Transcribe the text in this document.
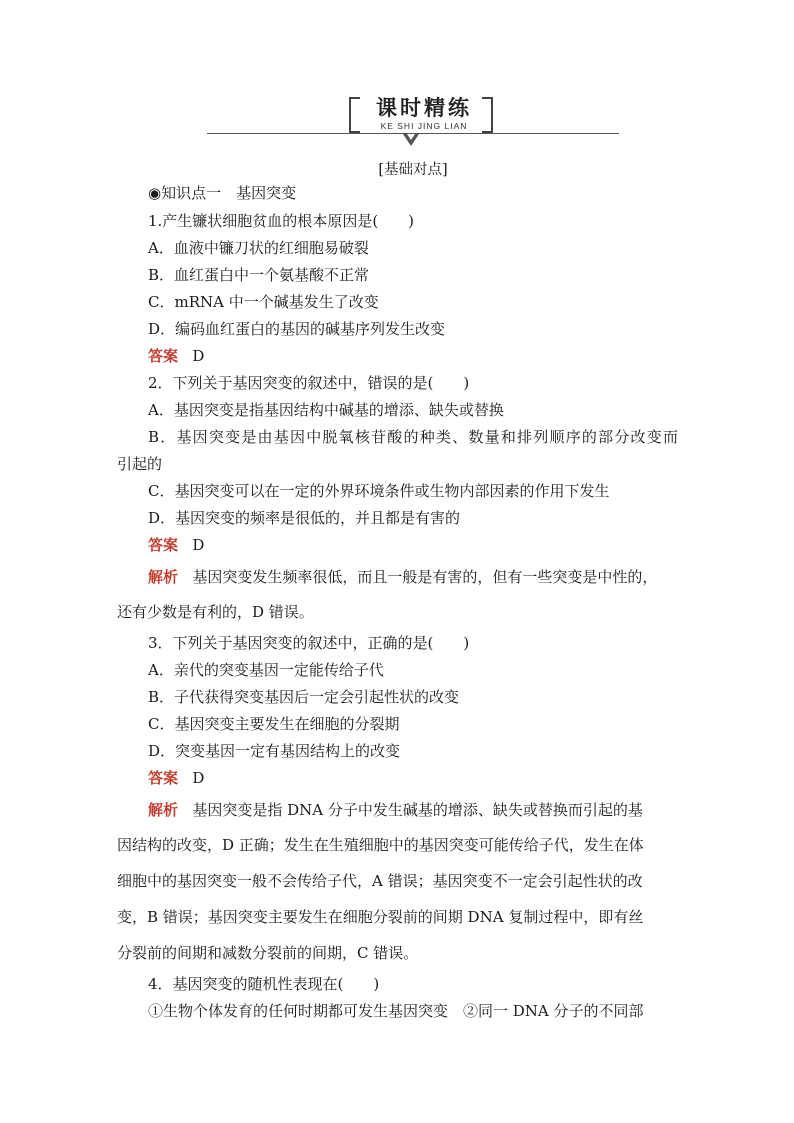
课时精练
KE SHI JING LIAN
[基础对点]
◉知识点一　基因突变
1.产生镰状细胞贫血的根本原因是(　　)
A．血液中镰刀状的红细胞易破裂
B．血红蛋白中一个氨基酸不正常
C．mRNA 中一个碱基发生了改变
D．编码血红蛋白的基因的碱基序列发生改变
答案 D
2．下列关于基因突变的叙述中，错误的是(　　)
A．基因突变是指基因结构中碱基的增添、缺失或替换
B．基因突变是由基因中脱氧核苷酸的种类、数量和排列顺序的部分改变而
引起的
C．基因突变可以在一定的外界环境条件或生物内部因素的作用下发生
D．基因突变的频率是很低的，并且都是有害的
答案 D
解析 基因突变发生频率很低，而且一般是有害的，但有一些突变是中性的，
还有少数是有利的，D 错误。
3．下列关于基因突变的叙述中，正确的是(　　)
A．亲代的突变基因一定能传给子代
B．子代获得突变基因后一定会引起性状的改变
C．基因突变主要发生在细胞的分裂期
D．突变基因一定有基因结构上的改变
答案 D
解析 基因突变是指 DNA 分子中发生碱基的增添、缺失或替换而引起的基
因结构的改变，D 正确；发生在生殖细胞中的基因突变可能传给子代，发生在体
细胞中的基因突变一般不会传给子代，A 错误；基因突变不一定会引起性状的改
变，B 错误；基因突变主要发生在细胞分裂前的间期 DNA 复制过程中，即有丝
分裂前的间期和减数分裂前的间期，C 错误。
4．基因突变的随机性表现在(　　)
①生物个体发育的任何时期都可发生基因突变　②同一 DNA 分子的不同部
